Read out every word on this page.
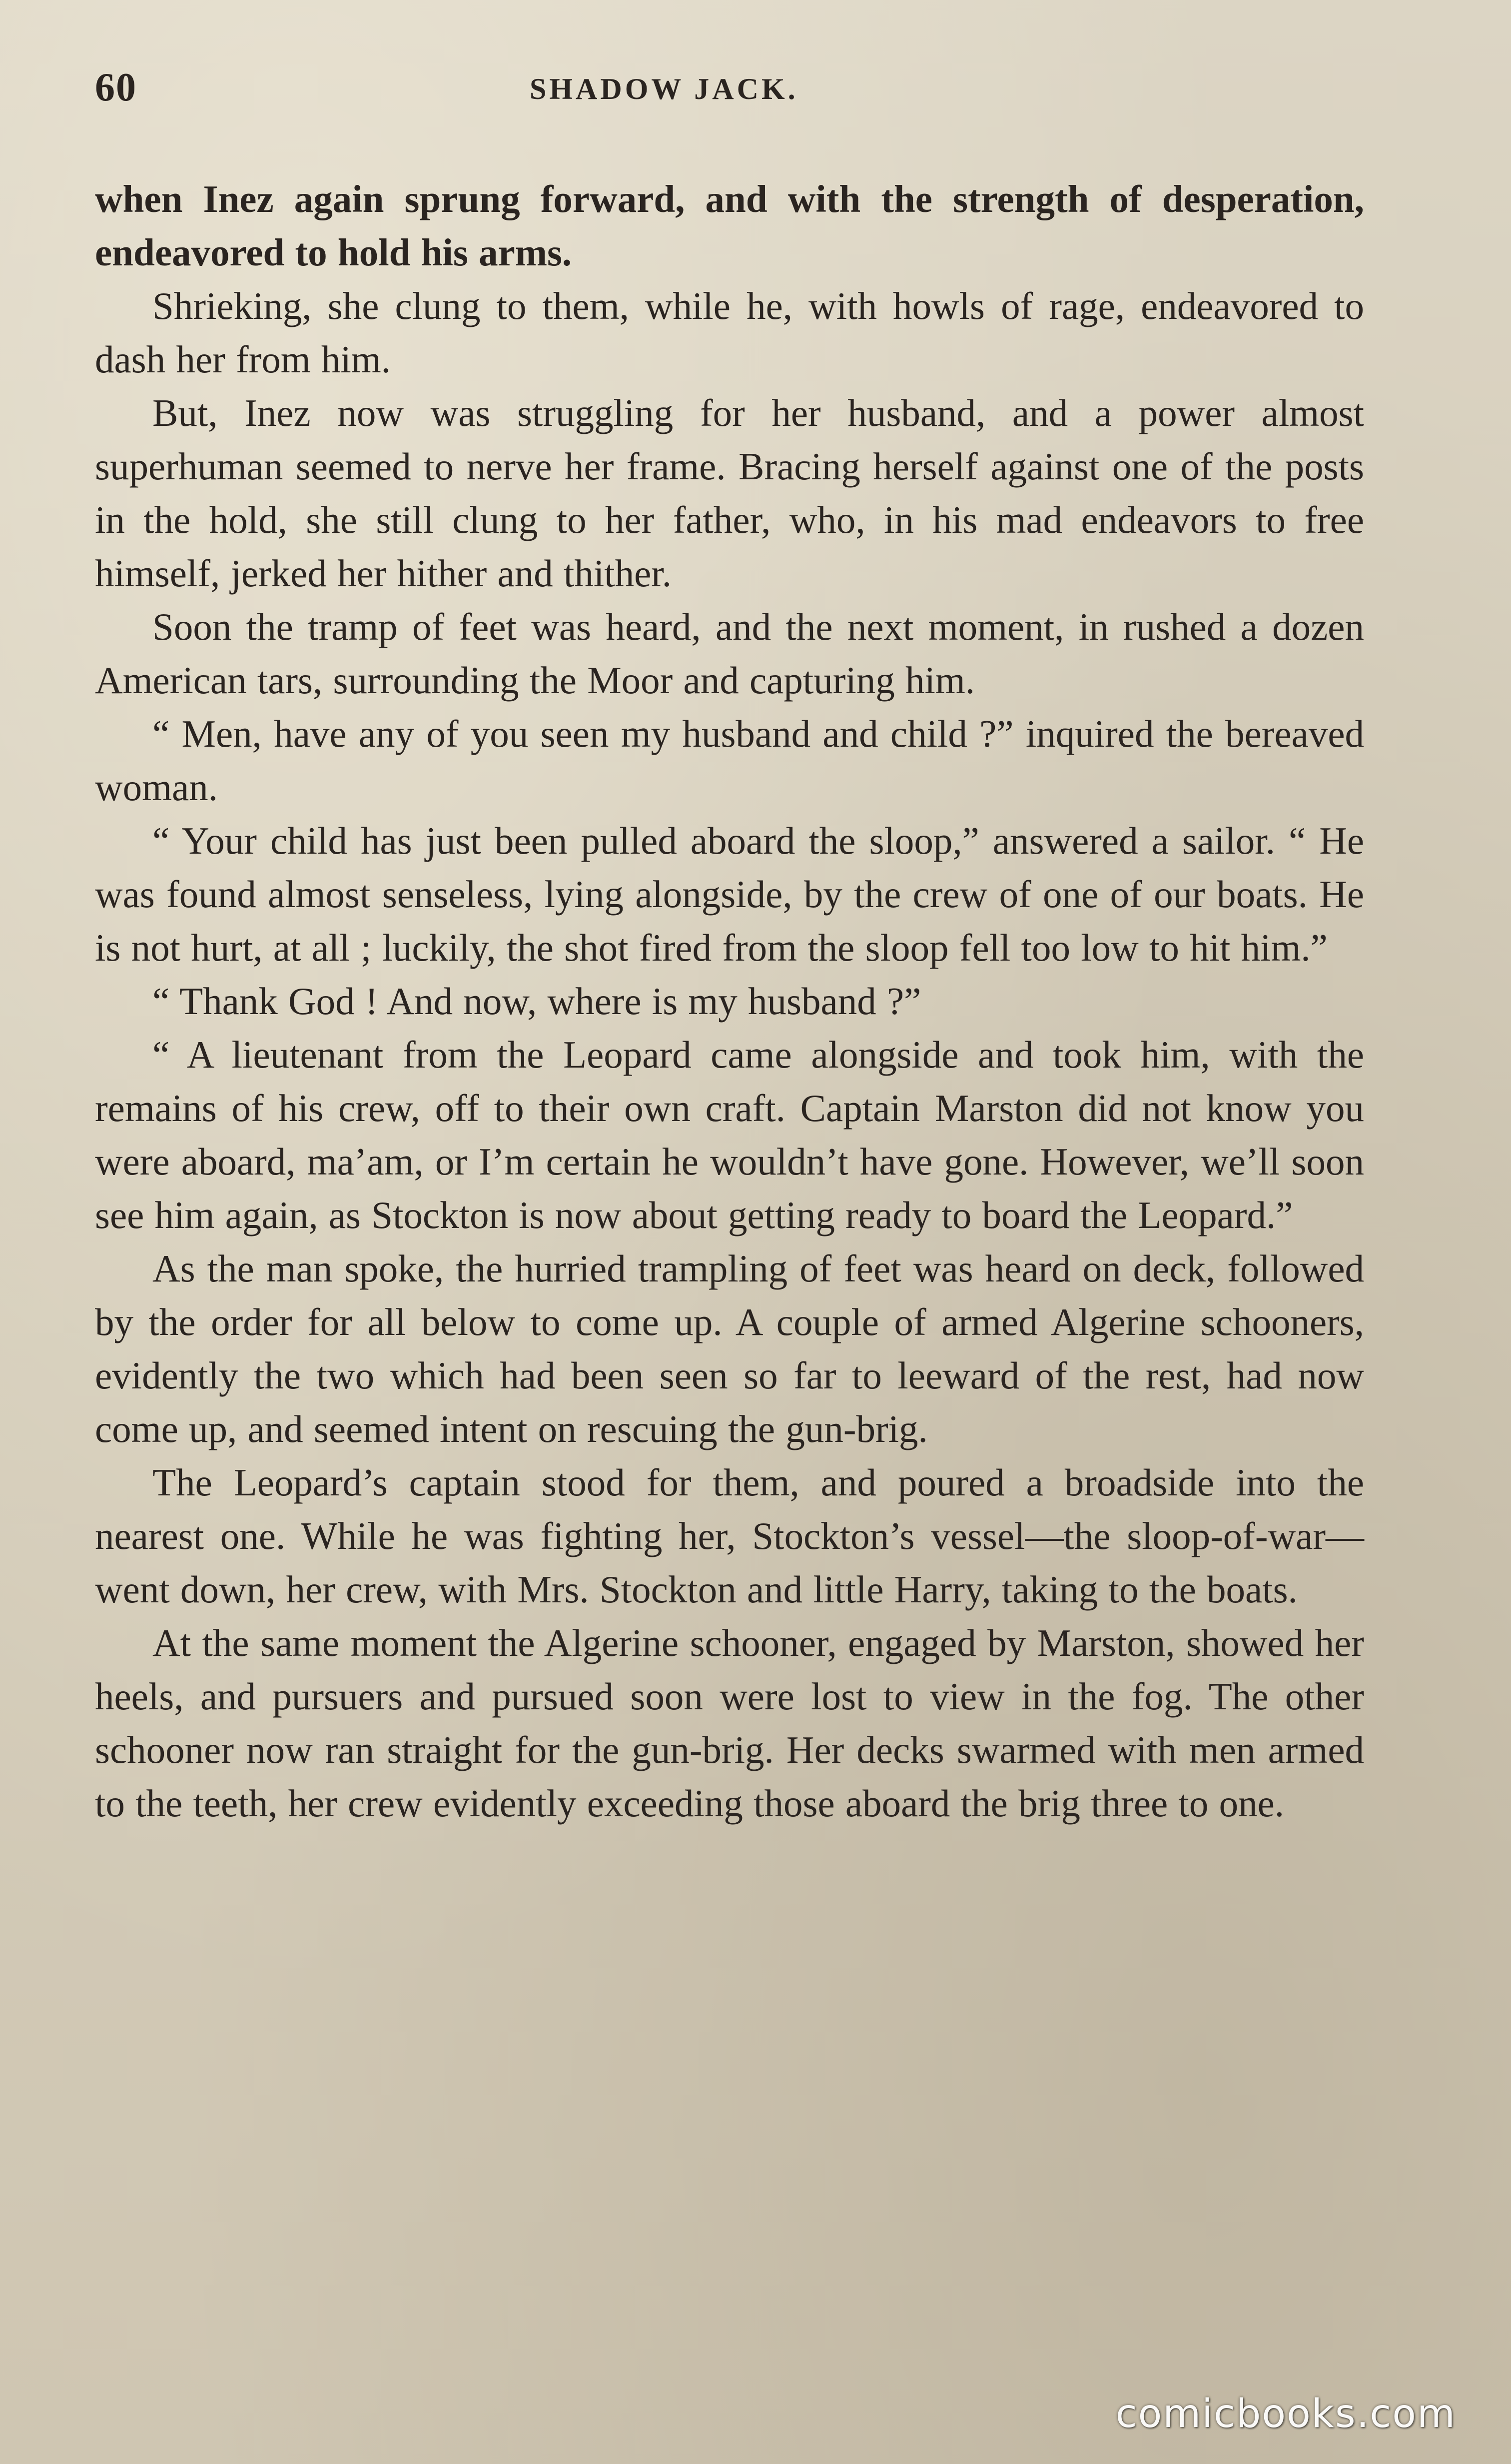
60	SHADOW JACK.

when Inez again sprung forward, and with the strength of desperation, endeavored to hold his arms.

Shrieking, she clung to them, while he, with howls of rage, endeavored to dash her from him.

But, Inez now was struggling for her husband, and a power almost superhuman seemed to nerve her frame. Bracing herself against one of the posts in the hold, she still clung to her father, who, in his mad endeavors to free himself, jerked her hither and thither.

Soon the tramp of feet was heard, and the next moment, in rushed a dozen American tars, surrounding the Moor and capturing him.

“ Men, have any of you seen my husband and child ?” inquired the bereaved woman.

“ Your child has just been pulled aboard the sloop,” answered a sailor. “ He was found almost senseless, lying alongside, by the crew of one of our boats. He is not hurt, at all ; luckily, the shot fired from the sloop fell too low to hit him.”

“ Thank God ! And now, where is my husband ?”

“ A lieutenant from the Leopard came alongside and took him, with the remains of his crew, off to their own craft. Captain Marston did not know you were aboard, ma’am, or I’m certain he wouldn’t have gone. However, we’ll soon see him again, as Stockton is now about getting ready to board the Leopard.”

As the man spoke, the hurried trampling of feet was heard on deck, followed by the order for all below to come up. A couple of armed Algerine schooners, evidently the two which had been seen so far to leeward of the rest, had now come up, and seemed intent on rescuing the gun-brig.

The Leopard’s captain stood for them, and poured a broadside into the nearest one. While he was fighting her, Stockton’s vessel—the sloop-of-war—went down, her crew, with Mrs. Stockton and little Harry, taking to the boats.

At the same moment the Algerine schooner, engaged by Marston, showed her heels, and pursuers and pursued soon were lost to view in the fog. The other schooner now ran straight for the gun-brig. Her decks swarmed with men armed to the teeth, her crew evidently exceeding those aboard the brig three to one.

comicbooks.com
